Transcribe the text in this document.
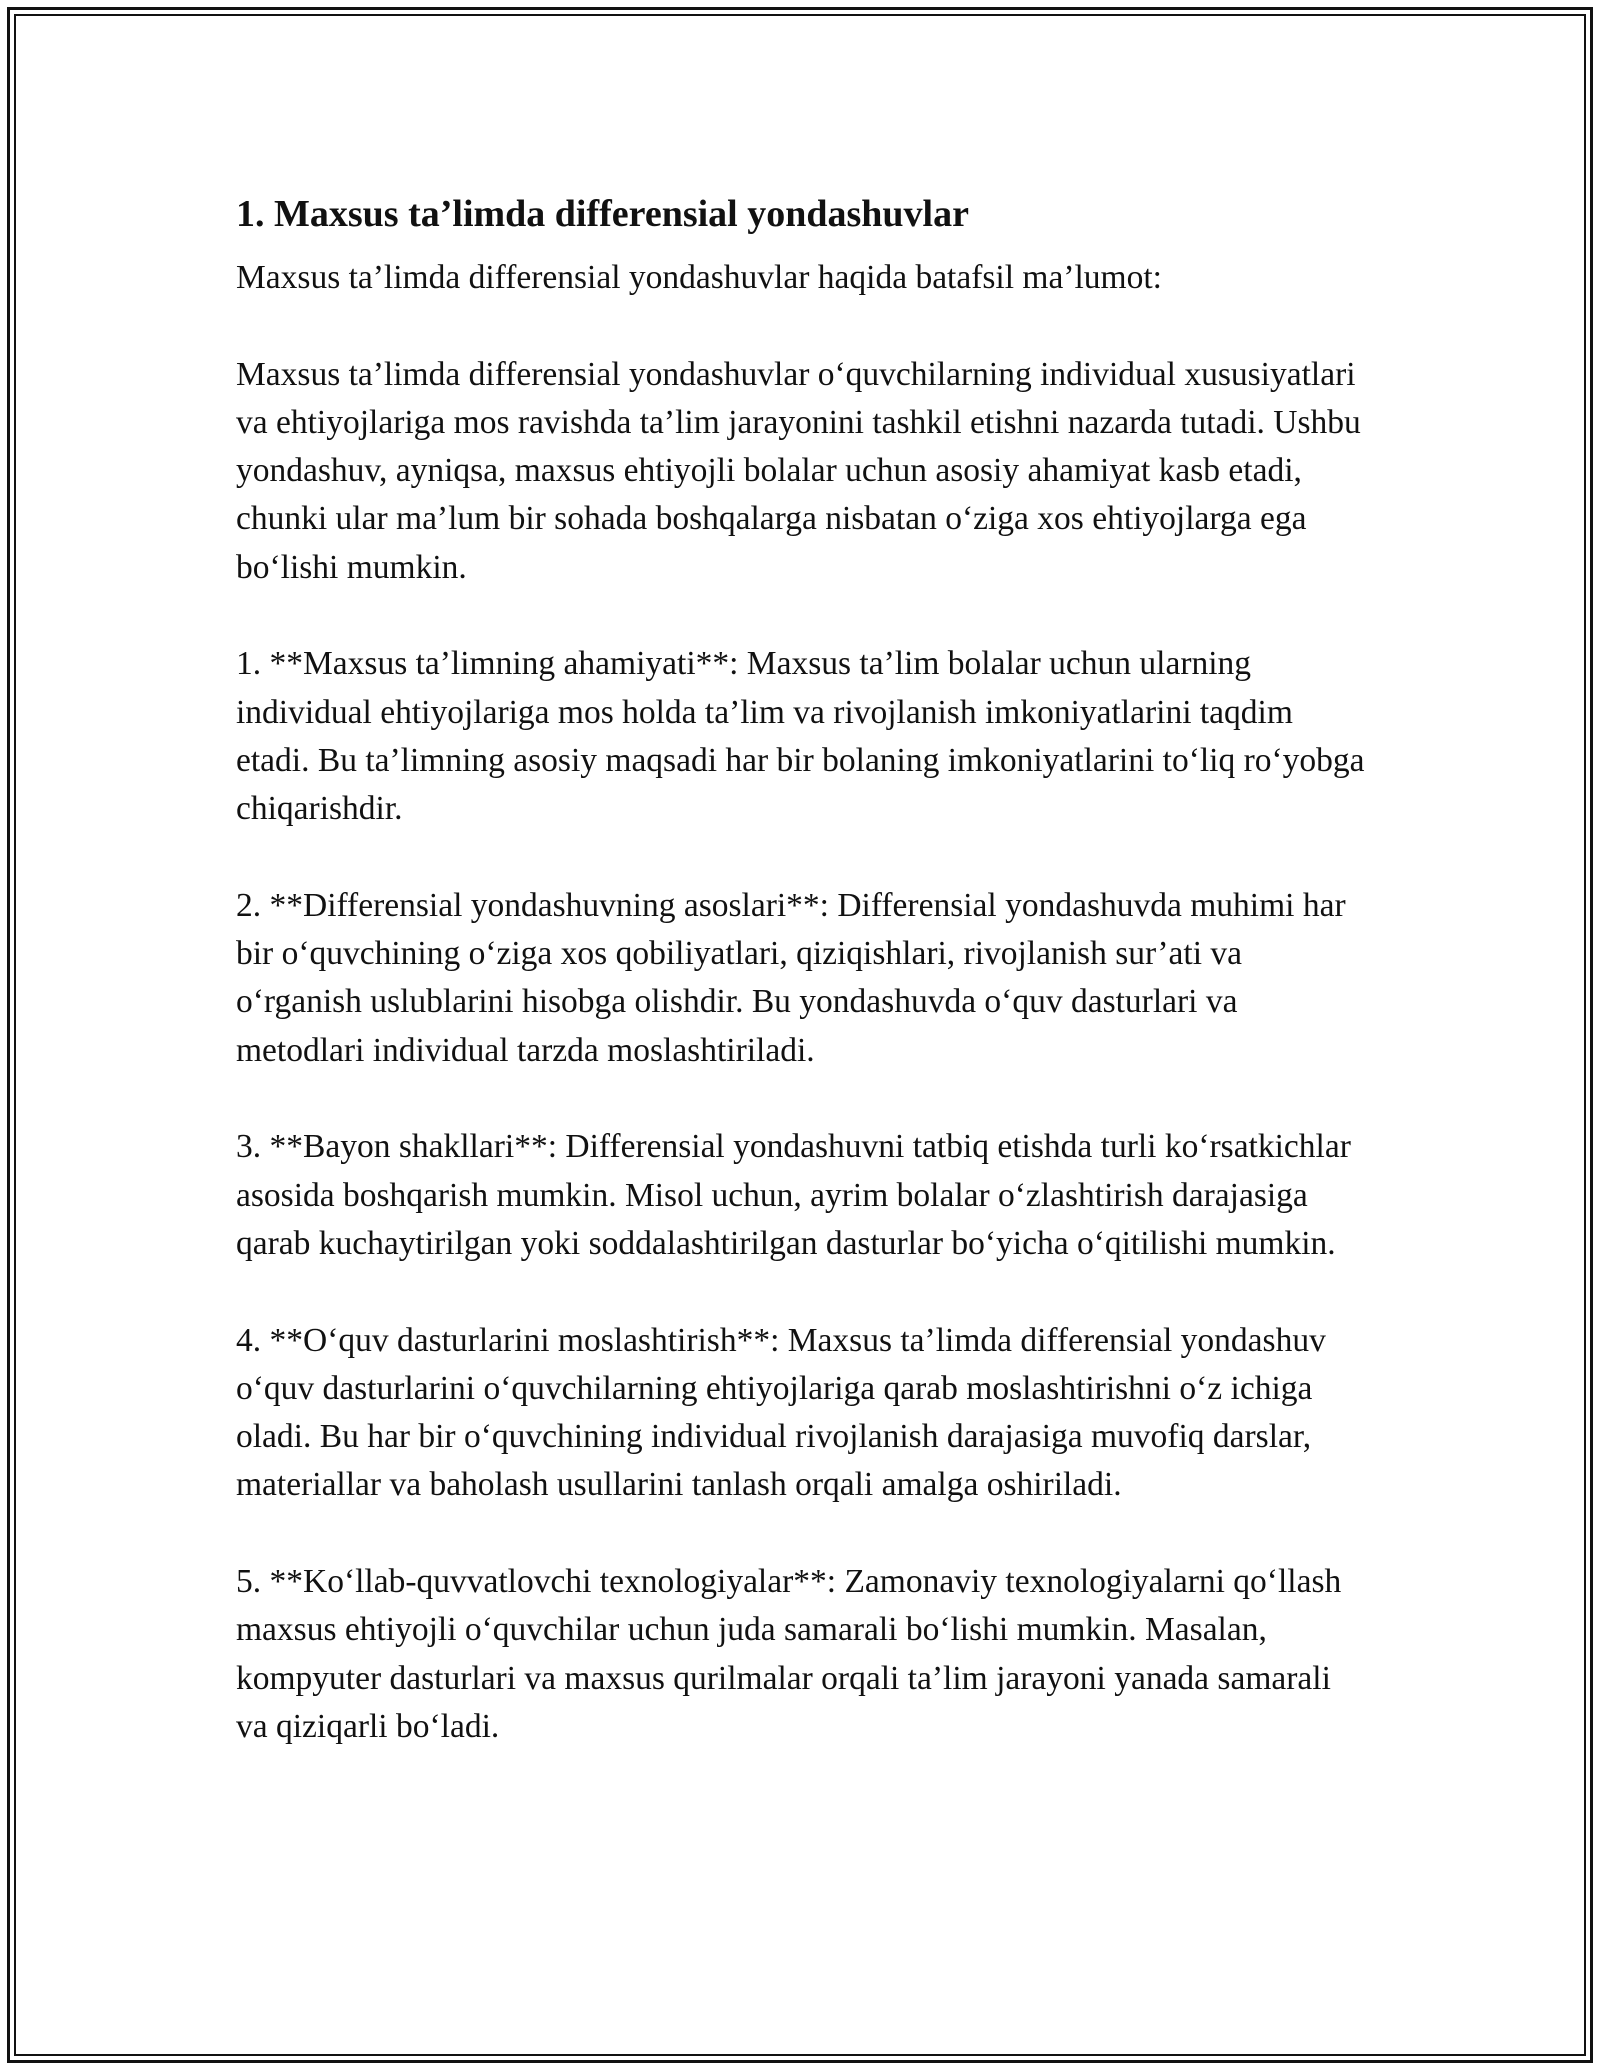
1. Maxsus ta’limda differensial yondashuvlar

Maxsus ta’limda differensial yondashuvlar haqida batafsil ma’lumot:

Maxsus ta’limda differensial yondashuvlar o‘quvchilarning individual xususiyatlari va ehtiyojlariga mos ravishda ta’lim jarayonini tashkil etishni nazarda tutadi. Ushbu yondashuv, ayniqsa, maxsus ehtiyojli bolalar uchun asosiy ahamiyat kasb etadi, chunki ular ma’lum bir sohada boshqalarga nisbatan o‘ziga xos ehtiyojlarga ega bo‘lishi mumkin.

1. **Maxsus ta’limning ahamiyati**: Maxsus ta’lim bolalar uchun ularning individual ehtiyojlariga mos holda ta’lim va rivojlanish imkoniyatlarini taqdim etadi. Bu ta’limning asosiy maqsadi har bir bolaning imkoniyatlarini to‘liq ro‘yobga chiqarishdir.

2. **Differensial yondashuvning asoslari**: Differensial yondashuvda muhimi har bir o‘quvchining o‘ziga xos qobiliyatlari, qiziqishlari, rivojlanish sur’ati va o‘rganish uslublarini hisobga olishdir. Bu yondashuvda o‘quv dasturlari va metodlari individual tarzda moslashtiriladi.

3. **Bayon shakllari**: Differensial yondashuvni tatbiq etishda turli ko‘rsatkichlar asosida boshqarish mumkin. Misol uchun, ayrim bolalar o‘zlashtirish darajasiga qarab kuchaytirilgan yoki soddalashtirilgan dasturlar bo‘yicha o‘qitilishi mumkin.

4. **O‘quv dasturlarini moslashtirish**: Maxsus ta’limda differensial yondashuv o‘quv dasturlarini o‘quvchilarning ehtiyojlariga qarab moslashtirishni o‘z ichiga oladi. Bu har bir o‘quvchining individual rivojlanish darajasiga muvofiq darslar, materiallar va baholash usullarini tanlash orqali amalga oshiriladi.

5. **Ko‘llab-quvvatlovchi texnologiyalar**: Zamonaviy texnologiyalarni qo‘llash maxsus ehtiyojli o‘quvchilar uchun juda samarali bo‘lishi mumkin. Masalan, kompyuter dasturlari va maxsus qurilmalar orqali ta’lim jarayoni yanada samarali va qiziqarli bo‘ladi.
